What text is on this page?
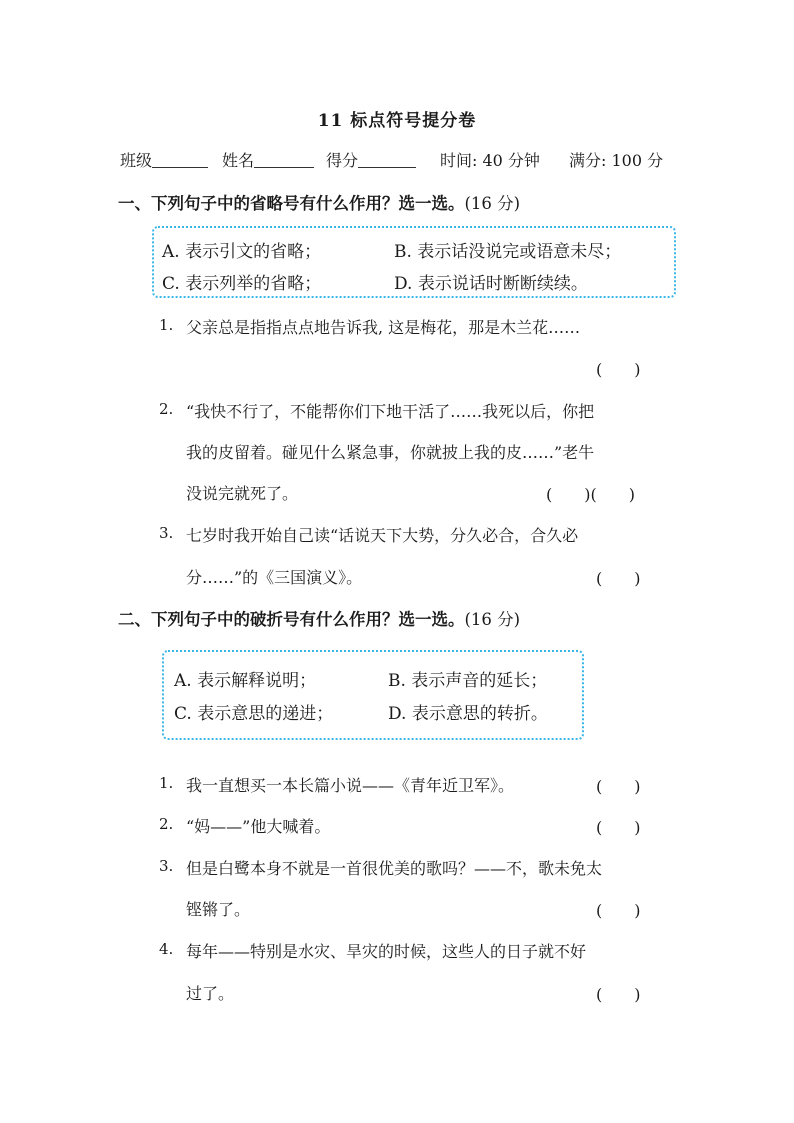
11 标点符号提分卷
班级	姓名	得分	时间: 40 分钟 满分: 100 分
一、下列句子中的省略号有什么作用？选一选。(16 分)
A. 表示引文的省略；	B. 表示话没说完或语意未尽；
C. 表示列举的省略；	D. 表示说话时断断续续。
1. 父亲总是指指点点地告诉我, 这是梅花，那是木兰花……
(　　)
2. “我快不行了，不能帮你们下地干活了……我死以后，你把
我的皮留着。碰见什么紧急事，你就披上我的皮……”老牛
没说完就死了。	(　　)(　　)
3. 七岁时我开始自己读“话说天下大势，分久必合，合久必
分……”的《三国演义》。	(　　)
二、下列句子中的破折号有什么作用？选一选。(16 分)
A. 表示解释说明；	B. 表示声音的延长；
C. 表示意思的递进；	D. 表示意思的转折。
1. 我一直想买一本长篇小说——《青年近卫军》。	(　　)
2. “妈——”他大喊着。	(　　)
3. 但是白鹭本身不就是一首很优美的歌吗？——不，歌未免太
铿锵了。	(　　)
4. 每年——特别是水灾、旱灾的时候，这些人的日子就不好
过了。	(　　)
